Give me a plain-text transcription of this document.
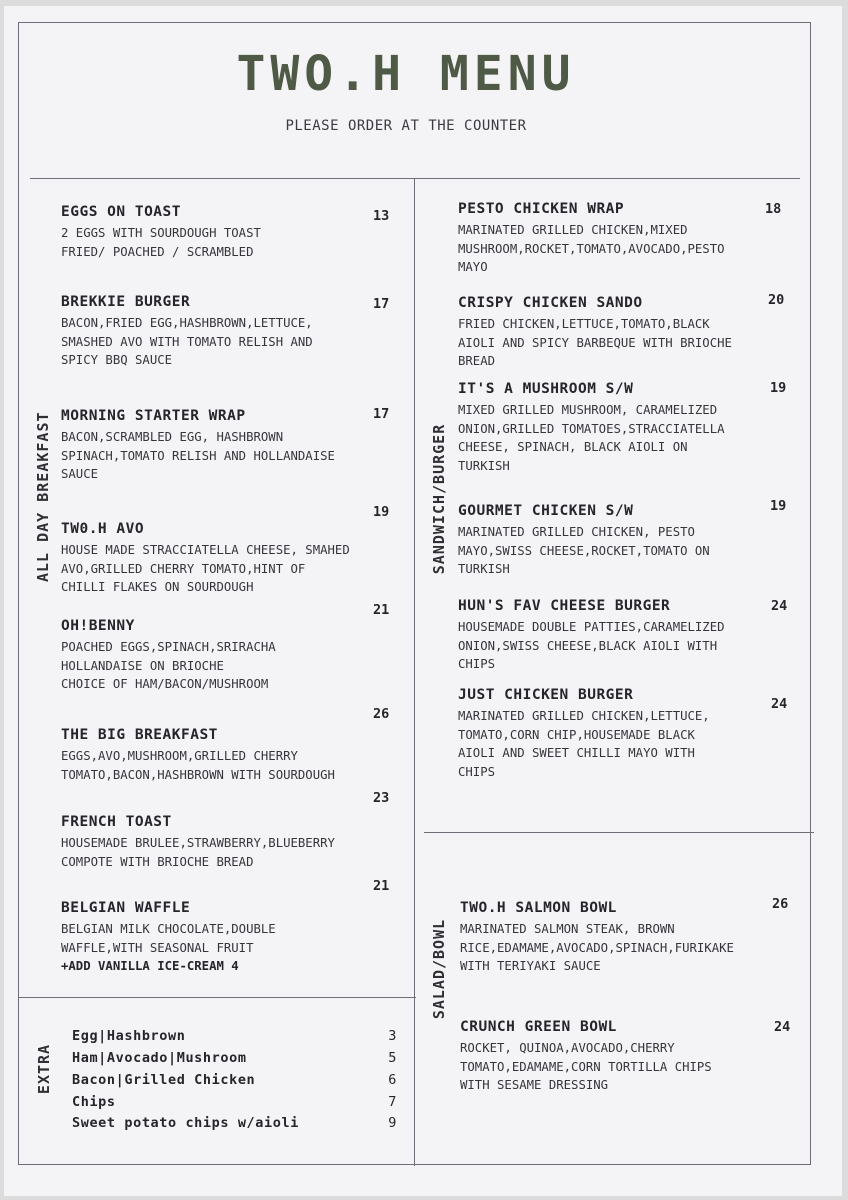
TWO.H MENU
PLEASE ORDER AT THE COUNTER
ALL DAY BREAKFAST	SANDWICH/BURGER
SALAD/BOWL
EXTRA
EGGS ON TOAST
2 EGGS WITH SOURDOUGH TOAST
FRIED/ POACHED / SCRAMBLED
13
BREKKIE BURGER
BACON,FRIED EGG,HASHBROWN,LETTUCE,
SMASHED AVO WITH TOMATO RELISH AND
SPICY BBQ SAUCE
17
MORNING STARTER WRAP
BACON,SCRAMBLED EGG, HASHBROWN
SPINACH,TOMATO RELISH AND HOLLANDAISE
SAUCE
17
TW0.H AVO
HOUSE MADE STRACCIATELLA CHEESE, SMAHED
AVO,GRILLED CHERRY TOMATO,HINT OF
CHILLI FLAKES ON SOURDOUGH
19
OH!BENNY
POACHED EGGS,SPINACH,SRIRACHA
HOLLANDAISE ON BRIOCHE
CHOICE OF HAM/BACON/MUSHROOM
21
THE BIG BREAKFAST
EGGS,AVO,MUSHROOM,GRILLED CHERRY
TOMATO,BACON,HASHBROWN WITH SOURDOUGH
26
FRENCH TOAST
HOUSEMADE BRULEE,STRAWBERRY,BLUEBERRY
COMPOTE WITH BRIOCHE BREAD
23
BELGIAN WAFFLE
BELGIAN MILK CHOCOLATE,DOUBLE
WAFFLE,WITH SEASONAL FRUIT
+ADD VANILLA ICE-CREAM 4
21
Egg|Hashbrown	3
Ham|Avocado|Mushroom	5
Bacon|Grilled Chicken	6
Chips	7
Sweet potato chips w/aioli	9
PESTO CHICKEN WRAP
MARINATED GRILLED CHICKEN,MIXED
MUSHROOM,ROCKET,TOMATO,AVOCADO,PESTO
MAYO
18
CRISPY CHICKEN SANDO
FRIED CHICKEN,LETTUCE,TOMATO,BLACK
AIOLI AND SPICY BARBEQUE WITH BRIOCHE
BREAD
20
IT'S A MUSHROOM S/W
MIXED GRILLED MUSHROOM, CARAMELIZED
ONION,GRILLED TOMATOES,STRACCIATELLA
CHEESE, SPINACH, BLACK AIOLI ON
TURKISH
19
GOURMET CHICKEN S/W
MARINATED GRILLED CHICKEN, PESTO
MAYO,SWISS CHEESE,ROCKET,TOMATO ON
TURKISH
19
HUN'S FAV CHEESE BURGER
HOUSEMADE DOUBLE PATTIES,CARAMELIZED
ONION,SWISS CHEESE,BLACK AIOLI WITH
CHIPS
24
JUST CHICKEN BURGER
MARINATED GRILLED CHICKEN,LETTUCE,
TOMATO,CORN CHIP,HOUSEMADE BLACK
AIOLI AND SWEET CHILLI MAYO WITH
CHIPS
24
TWO.H SALMON BOWL
MARINATED SALMON STEAK, BROWN
RICE,EDAMAME,AVOCADO,SPINACH,FURIKAKE
WITH TERIYAKI SAUCE
26
CRUNCH GREEN BOWL
ROCKET, QUINOA,AVOCADO,CHERRY
TOMATO,EDAMAME,CORN TORTILLA CHIPS
WITH SESAME DRESSING
24
